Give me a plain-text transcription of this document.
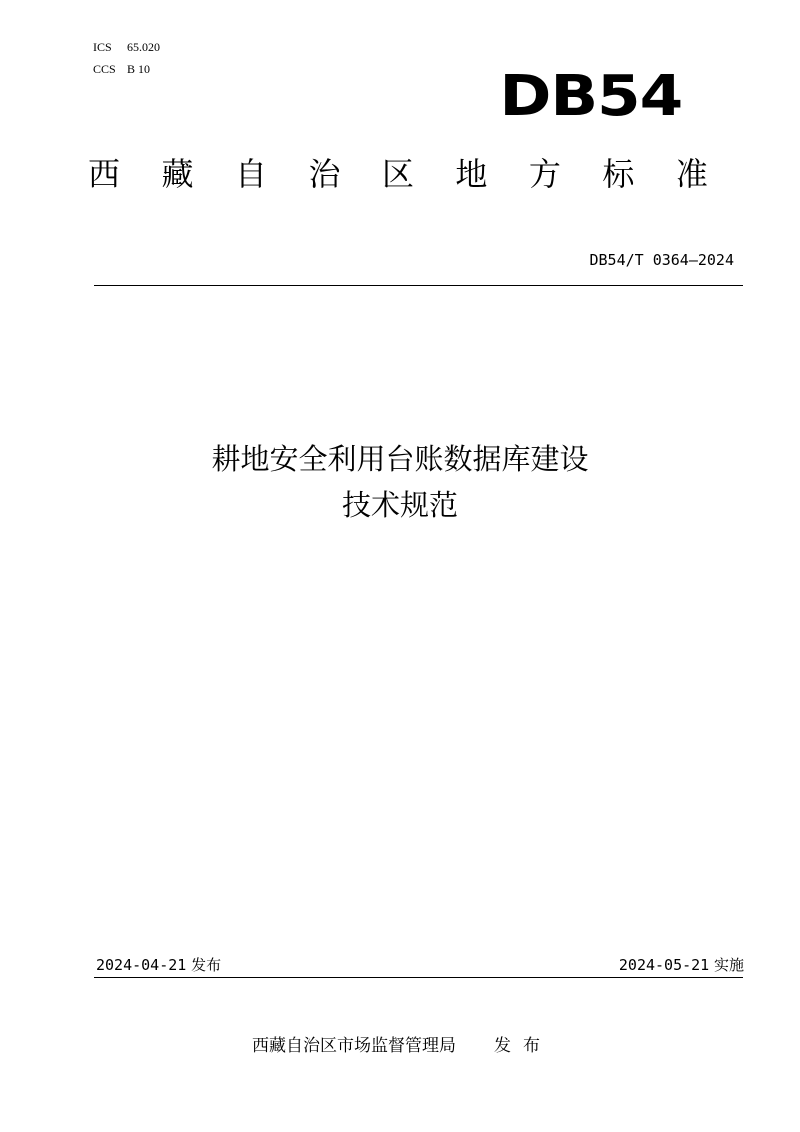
ICS 65.020
CCS B 10	DB54
西 藏 自 治 区 地 方 标 准
DB54/T 0364—2024
耕地安全利用台账数据库建设
技术规范
2024-04-21 发布	2024-05-21 实施
西藏自治区市场监督管理局 发布
